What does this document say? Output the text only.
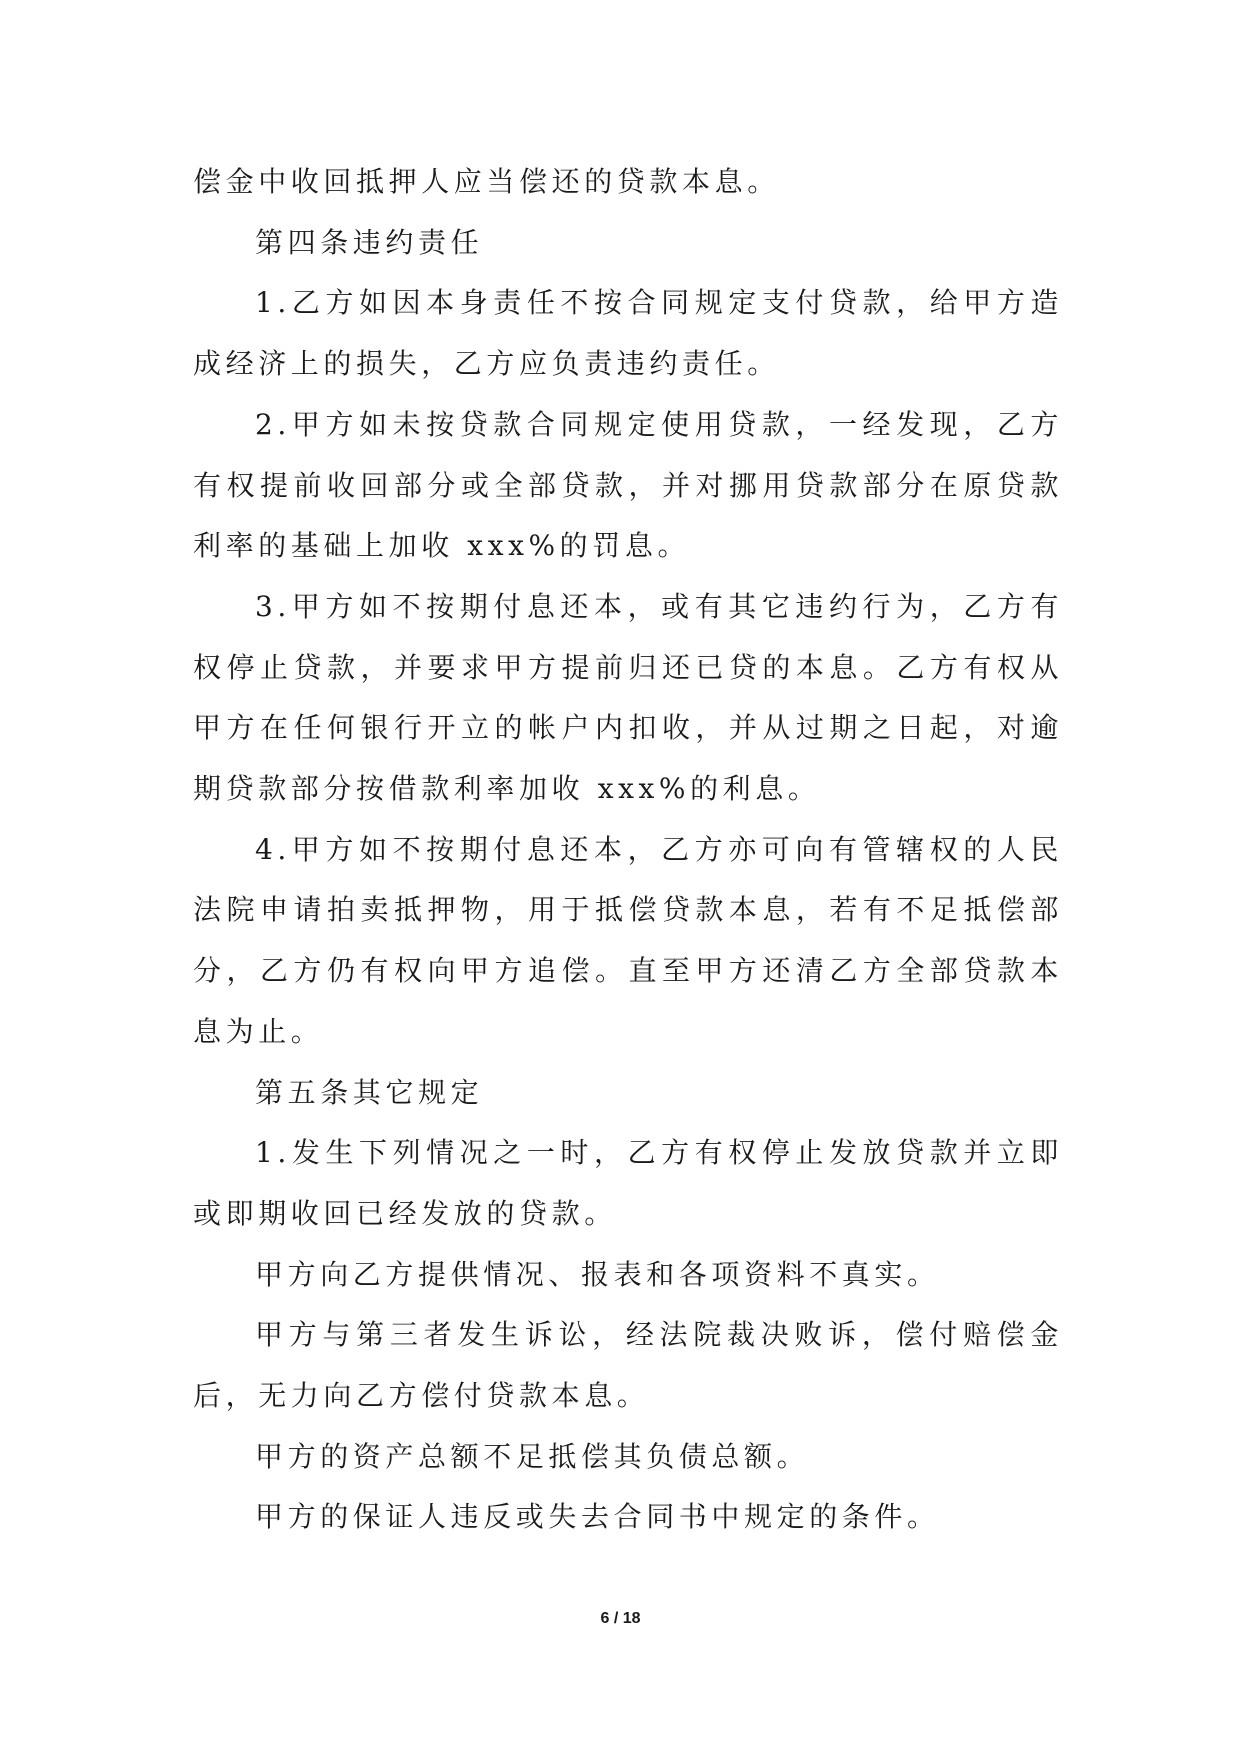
偿金中收回抵押人应当偿还的贷款本息。

第四条违约责任

1.乙方如因本身责任不按合同规定支付贷款，给甲方造成经济上的损失，乙方应负责违约责任。

2.甲方如未按贷款合同规定使用贷款，一经发现，乙方有权提前收回部分或全部贷款，并对挪用贷款部分在原贷款利率的基础上加收 xxx%的罚息。

3.甲方如不按期付息还本，或有其它违约行为，乙方有权停止贷款，并要求甲方提前归还已贷的本息。乙方有权从甲方在任何银行开立的帐户内扣收，并从过期之日起，对逾期贷款部分按借款利率加收 xxx%的利息。

4.甲方如不按期付息还本，乙方亦可向有管辖权的人民法院申请拍卖抵押物，用于抵偿贷款本息，若有不足抵偿部分，乙方仍有权向甲方追偿。直至甲方还清乙方全部贷款本息为止。

第五条其它规定

1.发生下列情况之一时，乙方有权停止发放贷款并立即或即期收回已经发放的贷款。

甲方向乙方提供情况、报表和各项资料不真实。

甲方与第三者发生诉讼，经法院裁决败诉，偿付赔偿金后，无力向乙方偿付贷款本息。

甲方的资产总额不足抵偿其负债总额。

甲方的保证人违反或失去合同书中规定的条件。

6 / 18
